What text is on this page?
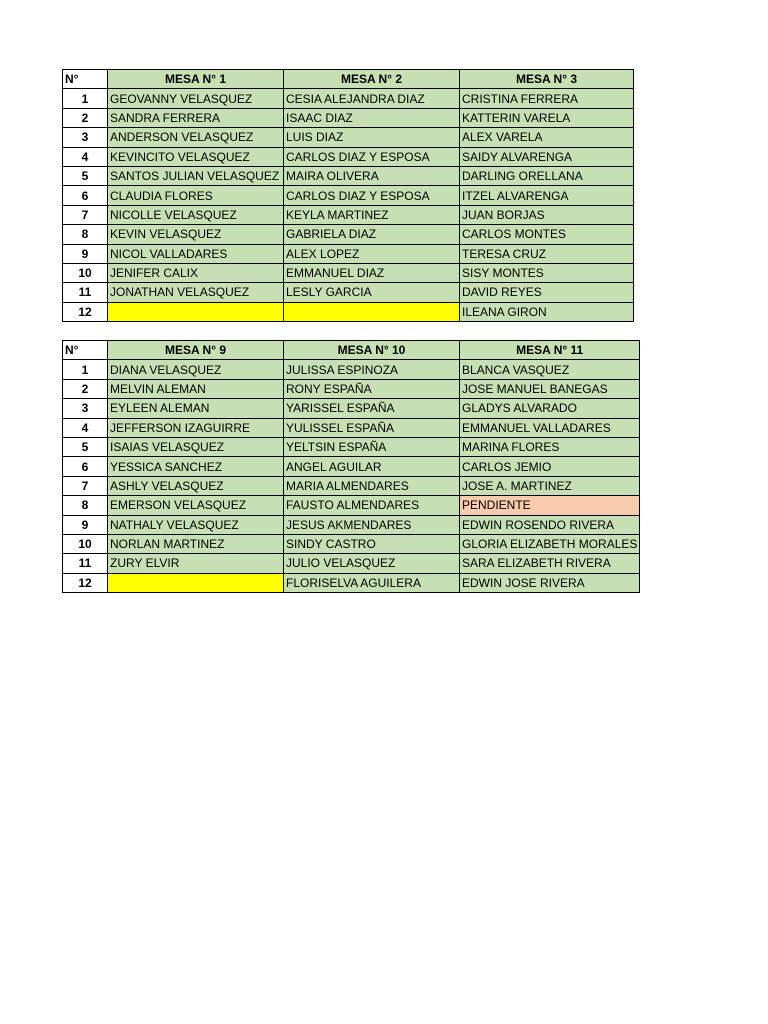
N°	MESA N° 1	MESA N° 2	MESA N° 3
1	GEOVANNY VELASQUEZ	CESIA ALEJANDRA DIAZ	CRISTINA FERRERA
2	SANDRA FERRERA	ISAAC DIAZ	KATTERIN VARELA
3	ANDERSON VELASQUEZ	LUIS DIAZ	ALEX VARELA
4	KEVINCITO VELASQUEZ	CARLOS DIAZ Y ESPOSA	SAIDY ALVARENGA
5	SANTOS JULIAN VELASQUEZ	MAIRA OLIVERA	DARLING ORELLANA
6	CLAUDIA FLORES	CARLOS DIAZ Y ESPOSA	ITZEL ALVARENGA
7	NICOLLE VELASQUEZ	KEYLA MARTINEZ	JUAN BORJAS
8	KEVIN VELASQUEZ	GABRIELA DIAZ	CARLOS MONTES
9	NICOL VALLADARES	ALEX LOPEZ	TERESA CRUZ
10	JENIFER CALIX	EMMANUEL DIAZ	SISY MONTES
11	JONATHAN VELASQUEZ	LESLY GARCIA	DAVID REYES
12			ILEANA GIRON
N°	MESA N° 9	MESA N° 10	MESA N° 11
1	DIANA VELASQUEZ	JULISSA ESPINOZA	BLANCA VASQUEZ
2	MELVIN ALEMAN	RONY ESPAÑA	JOSE MANUEL BANEGAS
3	EYLEEN ALEMAN	YARISSEL ESPAÑA	GLADYS ALVARADO
4	JEFFERSON IZAGUIRRE	YULISSEL ESPAÑA	EMMANUEL VALLADARES
5	ISAIAS VELASQUEZ	YELTSIN ESPAÑA	MARINA FLORES
6	YESSICA SANCHEZ	ANGEL AGUILAR	CARLOS JEMIO
7	ASHLY VELASQUEZ	MARIA ALMENDARES	JOSE A. MARTINEZ
8	EMERSON VELASQUEZ	FAUSTO ALMENDARES	PENDIENTE
9	NATHALY VELASQUEZ	JESUS AKMENDARES	EDWIN ROSENDO RIVERA
10	NORLAN MARTINEZ	SINDY CASTRO	GLORIA ELIZABETH MORALES
11	ZURY ELVIR	JULIO VELASQUEZ	SARA ELIZABETH RIVERA
12		FLORISELVA AGUILERA	EDWIN JOSE RIVERA
